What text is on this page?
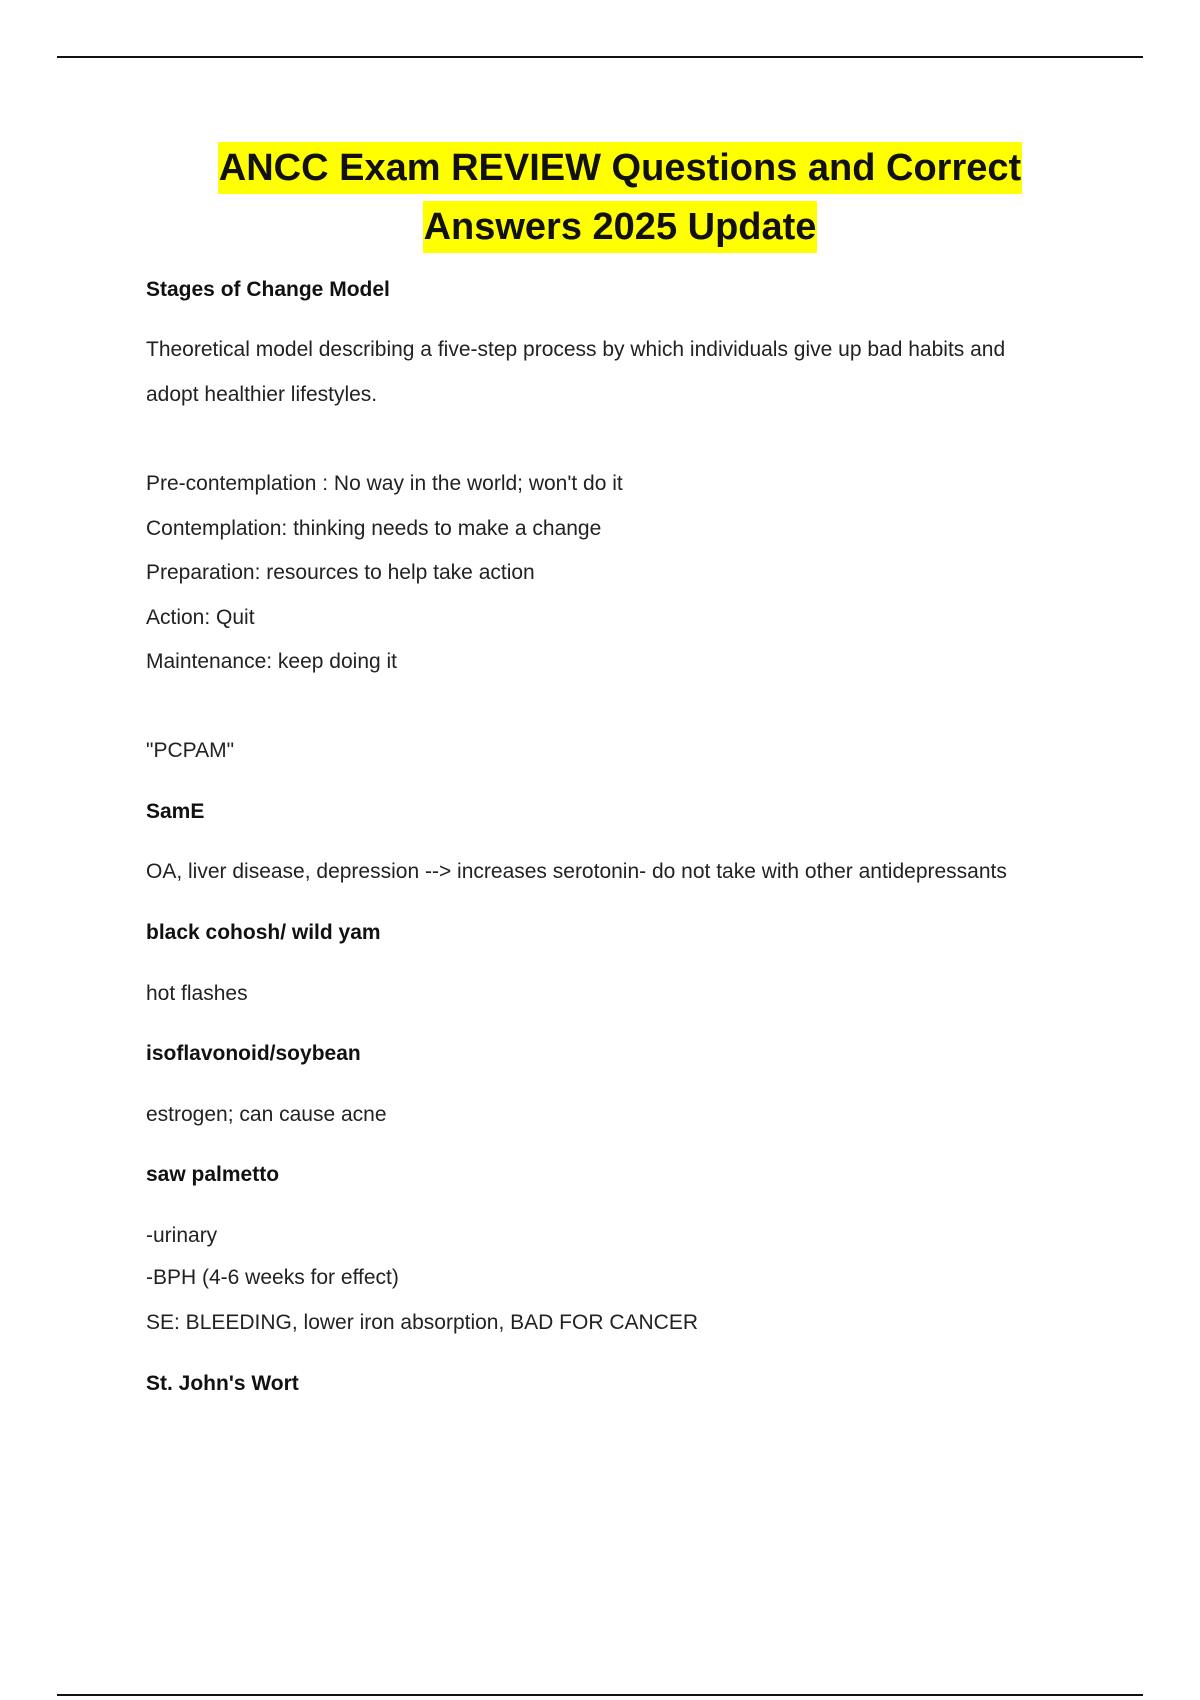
ANCC Exam REVIEW Questions and Correct
Answers 2025 Update
Stages of Change Model
Theoretical model describing a five-step process by which individuals give up bad habits and
adopt healthier lifestyles.
Pre-contemplation : No way in the world; won't do it
Contemplation: thinking needs to make a change
Preparation: resources to help take action
Action: Quit
Maintenance: keep doing it
"PCPAM"
SamE
OA, liver disease, depression --> increases serotonin- do not take with other antidepressants
black cohosh/ wild yam
hot flashes
isoflavonoid/soybean
estrogen; can cause acne
saw palmetto
-urinary
-BPH (4-6 weeks for effect)
SE: BLEEDING, lower iron absorption, BAD FOR CANCER
St. John's Wort
